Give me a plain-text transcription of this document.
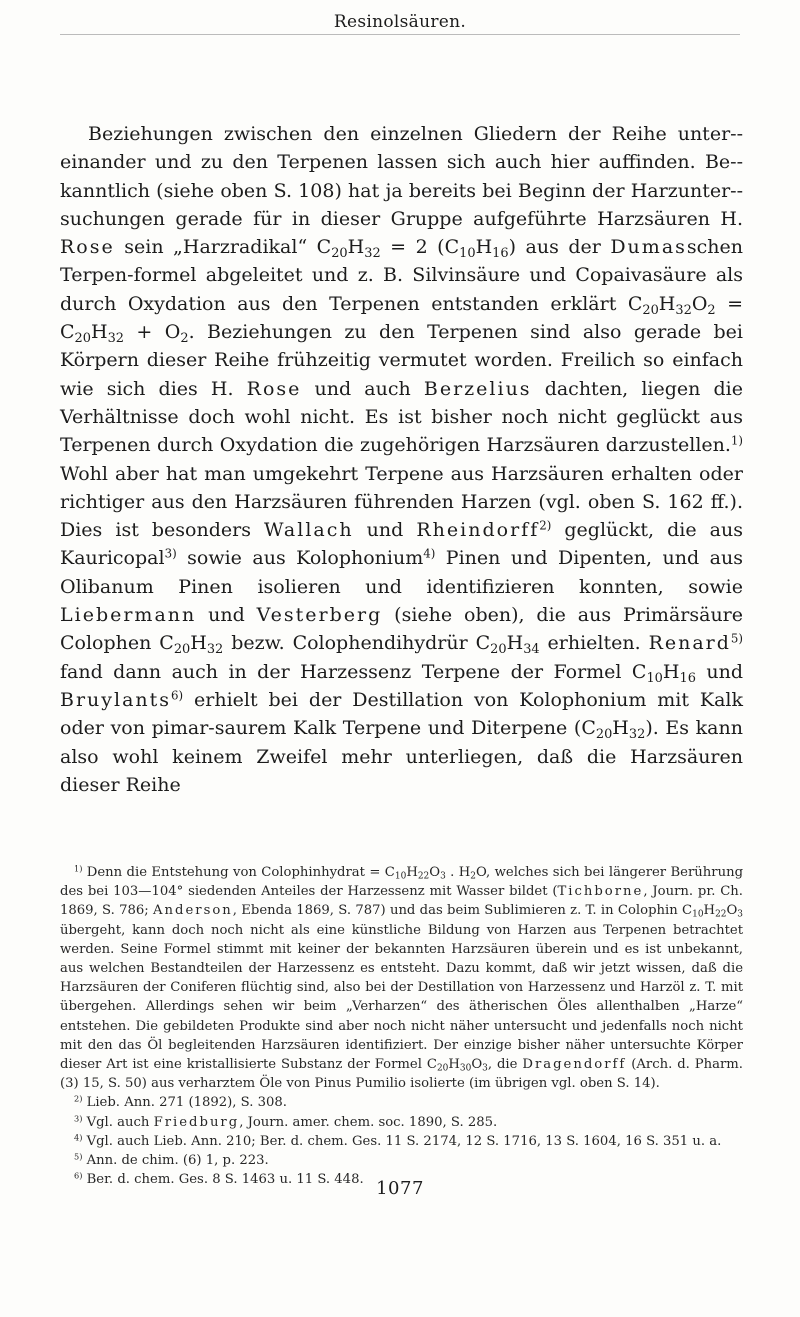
Resinolsäuren.

Beziehungen zwischen den einzelnen Gliedern der Reihe unter-einander und zu den Terpenen lassen sich auch hier auffinden. Be-kanntlich (siehe oben S. 108) hat ja bereits bei Beginn der Harzunter-suchungen gerade für in dieser Gruppe aufgeführte Harzsäuren H. Rose sein „Harzradikal“ $C_{20}H_{32} = 2$ $(C_{10}H_{16})$ aus der Dumasschen Terpen-formel abgeleitet und z. B. Silvinsäure und Copaivasäure als durch Oxydation aus den Terpenen entstanden erklärt $C_{20}H_{32}O_2 = C_{20}H_{32} + O_2$. Beziehungen zu den Terpenen sind also gerade bei Körpern dieser Reihe frühzeitig vermutet worden. Freilich so einfach wie sich dies H. Rose und auch Berzelius dachten, liegen die Verhältnisse doch wohl nicht. Es ist bisher noch nicht geglückt aus Terpenen durch Oxydation die zugehörigen Harzsäuren darzustellen.$^{1)}$ Wohl aber hat man umgekehrt Terpene aus Harzsäuren erhalten oder richtiger aus den Harzsäuren führenden Harzen (vgl. oben S. 162 ff.). Dies ist besonders Wallach und Rheindorff$^{2)}$ geglückt, die aus Kauricopal$^{3)}$ sowie aus Kolophonium$^{4)}$ Pinen und Dipenten, und aus Olibanum Pinen isolieren und identifizieren konnten, sowie Liebermann und Vesterberg (siehe oben), die aus Primärsäure Colophen $C_{20}H_{32}$ bezw. Colophendihydrür $C_{20}H_{34}$ erhielten. Renard$^{5)}$ fand dann auch in der Harzessenz Terpene der Formel $C_{10}H_{16}$ und Bruylants$^{6)}$ erhielt bei der Destillation von Kolophonium mit Kalk oder von pimar-saurem Kalk Terpene und Diterpene $(C_{20}H_{32})$. Es kann also wohl keinem Zweifel mehr unterliegen, daß die Harzsäuren dieser Reihe

$^{1)}$ Denn die Entstehung von Colophinhydrat = $C_{10}H_{22}O_3$ . $H_2O$, welches sich bei längerer Berührung des bei 103—104° siedenden Anteiles der Harzessenz mit Wasser bildet (Tichborne, Journ. pr. Ch. 1869, S. 786; Anderson, Ebenda 1869, S. 787) und das beim Sublimieren z. T. in Colophin $C_{10}H_{22}O_3$ übergeht, kann doch noch nicht als eine künstliche Bildung von Harzen aus Terpenen betrachtet werden. Seine Formel stimmt mit keiner der bekannten Harzsäuren überein und es ist unbekannt, aus welchen Bestandteilen der Harzessenz es entsteht. Dazu kommt, daß wir jetzt wissen, daß die Harzsäuren der Coniferen flüchtig sind, also bei der Destillation von Harzessenz und Harzöl z. T. mit übergehen. Allerdings sehen wir beim „Verharzen“ des ätherischen Öles allenthalben „Harze“ entstehen. Die gebildeten Produkte sind aber noch nicht näher untersucht und jedenfalls noch nicht mit den das Öl begleitenden Harzsäuren identifiziert. Der einzige bisher näher untersuchte Körper dieser Art ist eine kristallisierte Substanz der Formel $C_{20}H_{30}O_3$, die Dragendorff (Arch. d. Pharm. (3) 15, S. 50) aus verharztem Öle von Pinus Pumilio isolierte (im übrigen vgl. oben S. 14).

$^{2)}$ Lieb. Ann. 271 (1892), S. 308.

$^{3)}$ Vgl. auch Friedburg, Journ. amer. chem. soc. 1890, S. 285.

$^{4)}$ Vgl. auch Lieb. Ann. 210; Ber. d. chem. Ges. 11 S. 2174, 12 S. 1716, 13 S. 1604, 16 S. 351 u. a.

$^{5)}$ Ann. de chim. (6) 1, p. 223.

$^{6)}$ Ber. d. chem. Ges. 8 S. 1463 u. 11 S. 448. 1077
